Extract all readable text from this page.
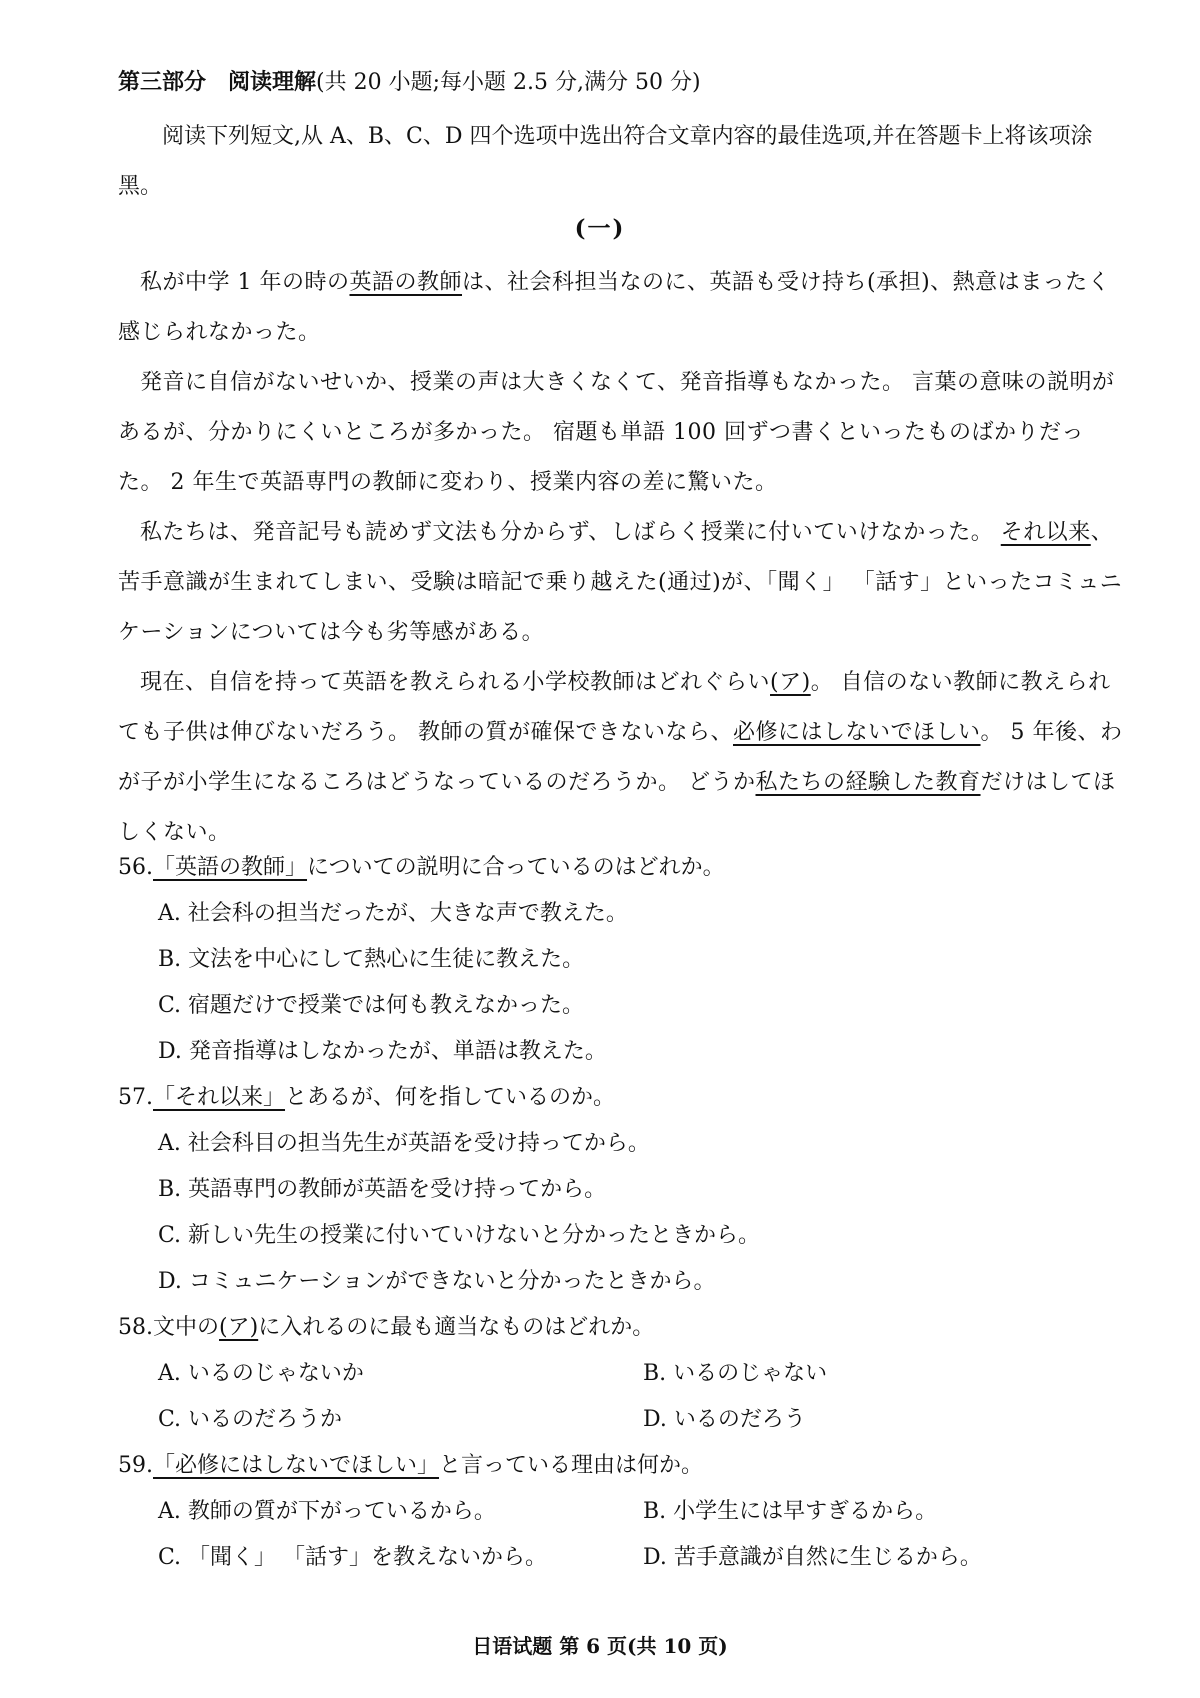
第三部分 阅读理解(共 20 小题;每小题 2.5 分,满分 50 分)
阅读下列短文,从 A、B、C、D 四个选项中选出符合文章内容的最佳选项,并在答题卡上将该项涂黑。
(一)

私が中学 1 年の時の英語の教師は、社会科担当なのに、英語も受け持ち(承担)、熱意はまったく感じられなかった。

発音に自信がないせいか、授業の声は大きくなくて、発音指導もなかった。 言葉の意味の説明があるが、分かりにくいところが多かった。 宿題も単語 100 回ずつ書くといったものばかりだった。 2 年生で英語専門の教師に変わり、授業内容の差に驚いた。

私たちは、発音記号も読めず文法も分からず、しばらく授業に付いていけなかった。 それ以来、苦手意識が生まれてしまい、受験は暗記で乗り越えた(通过)が、「聞く」 「話す」といったコミュニケーションについては今も劣等感がある。

現在、自信を持って英語を教えられる小学校教師はどれぐらい(ア)。 自信のない教師に教えられても子供は伸びないだろう。 教師の質が確保できないなら、必修にはしないでほしい。 5 年後、わが子が小学生になるころはどうなっているのだろうか。 どうか私たちの経験した教育だけはしてほしくない。

56.「英語の教師」についての説明に合っているのはどれか。

A. 社会科の担当だったが、大きな声で教えた。

B. 文法を中心にして熱心に生徒に教えた。

C. 宿題だけで授業では何も教えなかった。

D. 発音指導はしなかったが、単語は教えた。

57.「それ以来」とあるが、何を指しているのか。

A. 社会科目の担当先生が英語を受け持ってから。

B. 英語専門の教師が英語を受け持ってから。

C. 新しい先生の授業に付いていけないと分かったときから。

D. コミュニケーションができないと分かったときから。

58.文中の(ア)に入れるのに最も適当なものはどれか。

A. いるのじゃないか	B. いるのじゃない

C. いるのだろうか	D. いるのだろう

59.「必修にはしないでほしい」と言っている理由は何か。

A. 教師の質が下がっているから。	B. 小学生には早すぎるから。

C. 「聞く」 「話す」を教えないから。	D. 苦手意識が自然に生じるから。

日语试题 第 6 页(共 10 页)
